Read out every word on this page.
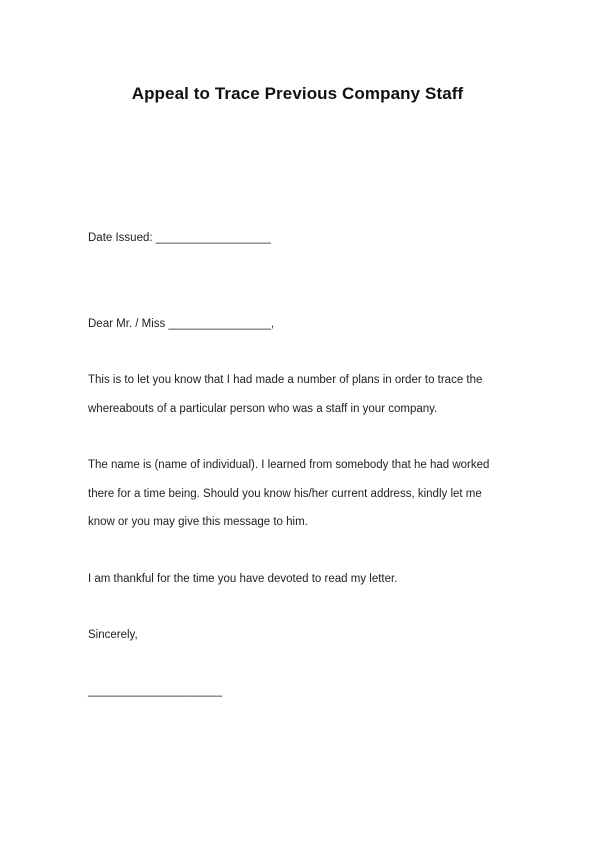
Appeal to Trace Previous Company Staff
Date Issued: __________________
Dear Mr. / Miss ________________,
This is to let you know that I had made a number of plans in order to trace the
whereabouts of a particular person who was a staff in your company.
The name is (name of individual). I learned from somebody that he had worked
there for a time being. Should you know his/her current address, kindly let me
know or you may give this message to him.
I am thankful for the time you have devoted to read my letter.
Sincerely,
_____________________
